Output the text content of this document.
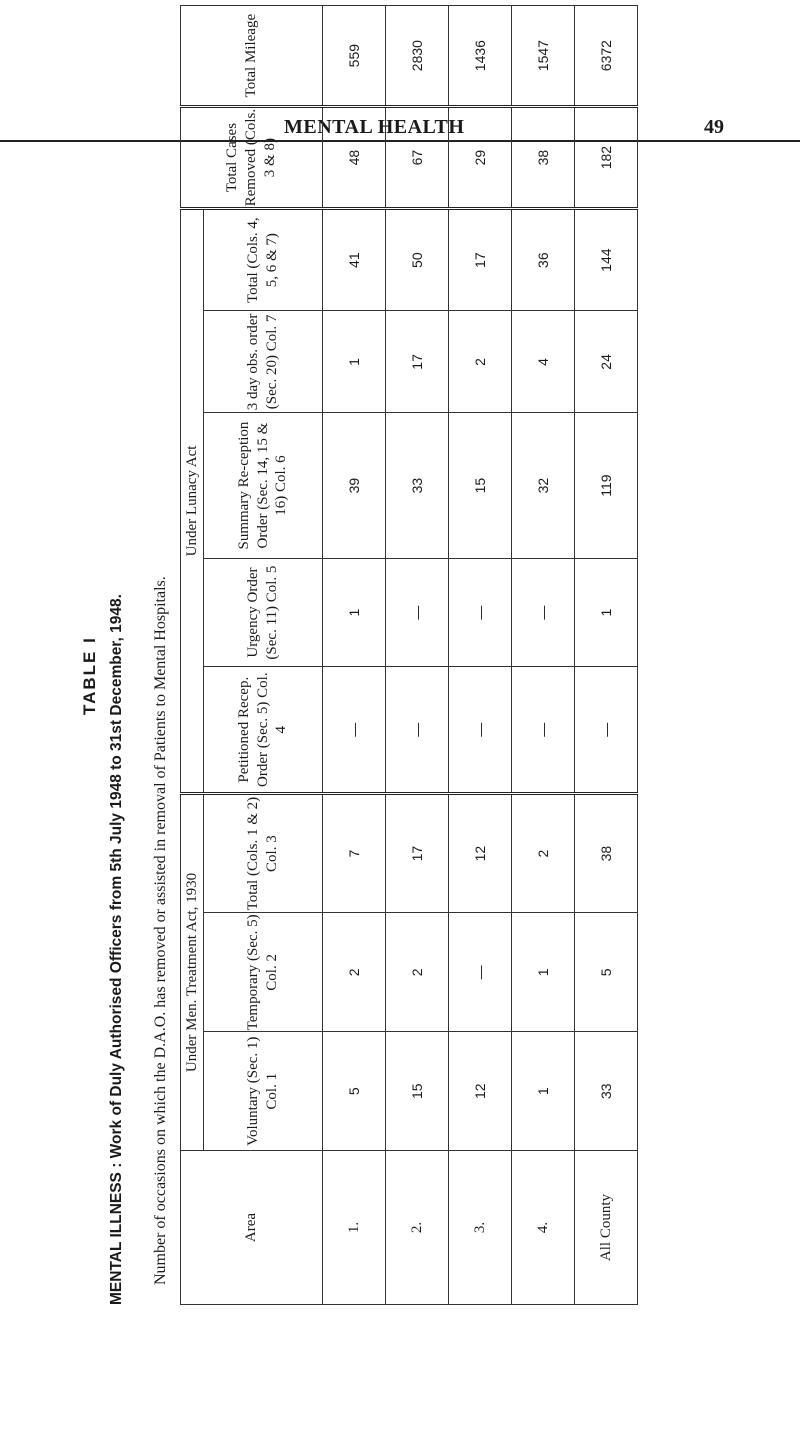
MENTAL HEALTH	49
TABLE I MENTAL ILLNESS : Work of Duly Authorised Officers from 5th July 1948 to 31st December, 1948. Number of occasions on which the D.A.O. has removed or assisted in removal of Patients to Mental Hospitals.	Area	Under Men. Treatment Act, 1930			Under Lunacy Act					Total Cases Removed (Cols. 3 & 8)	Total Mileage
	Voluntary (Sec. 1) Col. 1	Temporary (Sec. 5) Col. 2	Total (Cols. 1 & 2) Col. 3	Petitioned Recep. Order (Sec. 5) Col. 4	Urgency Order (Sec. 11) Col. 5	Summary Re-ception Order (Sec. 14, 15 & 16) Col. 6	3 day obs. order (Sec. 20) Col. 7	Total (Cols. 4, 5, 6 & 7)		
1.	5	2	7	—	1	39	1	41	48	559
2.	15	2	17	—	—	33	17	50	67	2830
3.	12	—	12	—	—	15	2	17	29	1436
4.	1	1	2	—	—	32	4	36	38	1547
All County	33	5	38	—	1	119	24	144	182	6372
